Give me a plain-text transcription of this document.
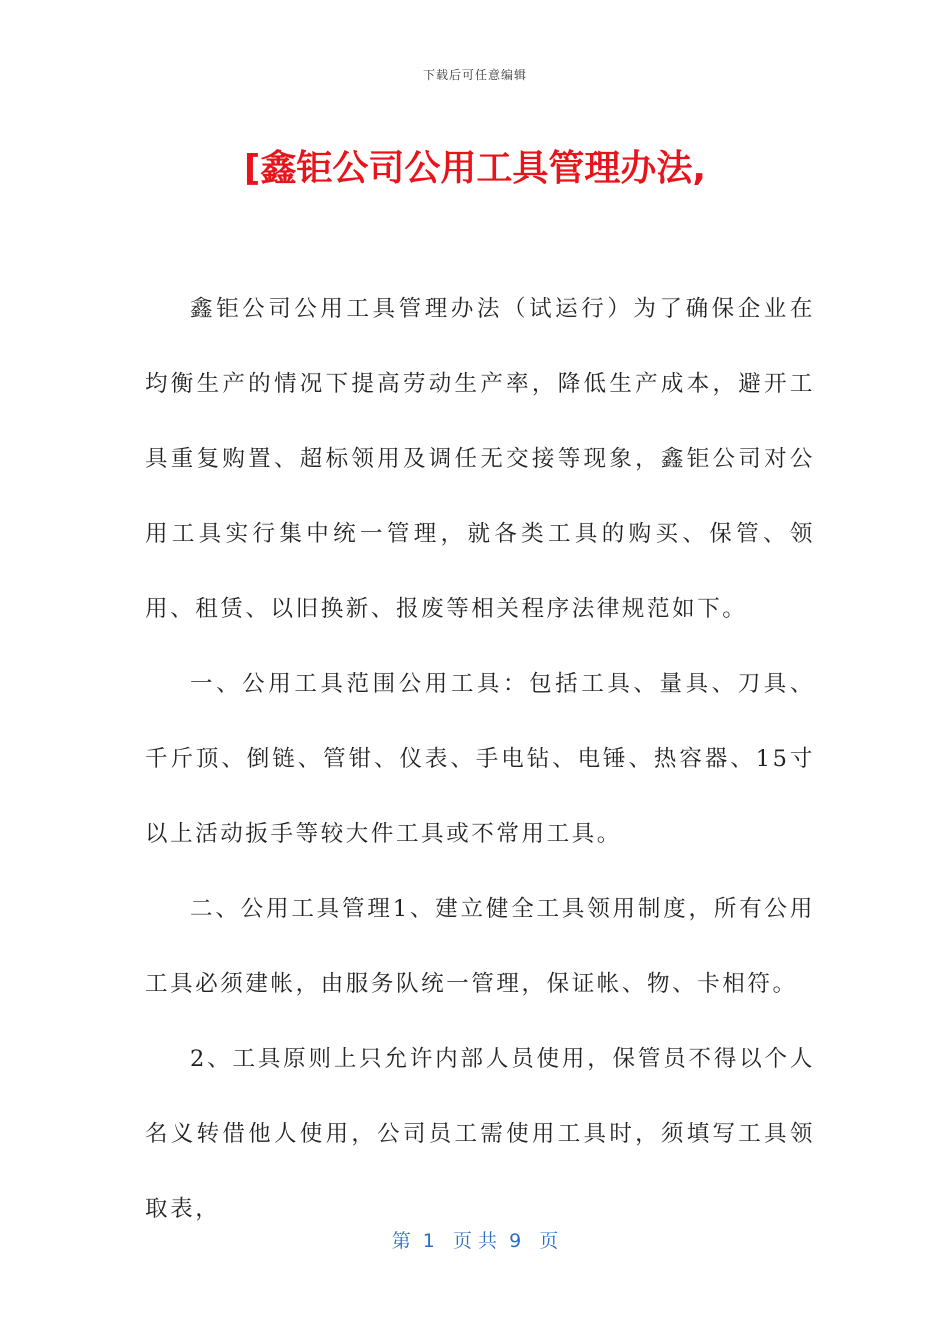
下载后可任意编辑
[鑫钜公司公用工具管理办法,

鑫钜公司公用工具管理办法（试运行）为了确保企业在均衡生产的情况下提高劳动生产率，降低生产成本，避开工具重复购置、超标领用及调任无交接等现象，鑫钜公司对公用工具实行集中统一管理，就各类工具的购买、保管、领用、租赁、以旧换新、报废等相关程序法律规范如下。

一、公用工具范围公用工具：包括工具、量具、刀具、千斤顶、倒链、管钳、仪表、手电钻、电锤、热容器、15寸以上活动扳手等较大件工具或不常用工具。

二、公用工具管理1、建立健全工具领用制度，所有公用工具必须建帐，由服务队统一管理，保证帐、物、卡相符。

2、工具原则上只允许内部人员使用，保管员不得以个人名义转借他人使用，公司员工需使用工具时，须填写工具领取表，

第  1   页 共  9   页
